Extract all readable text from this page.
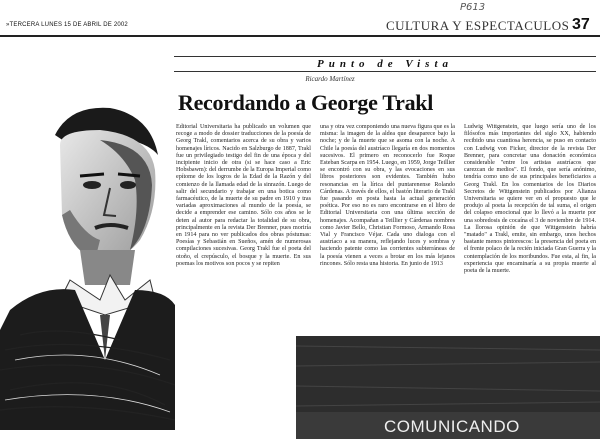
P613
»TERCERA LUNES 15 DE ABRIL DE 2002	CULTURA Y ESPECTACULOS 37
Punto de Vista
Ricardo Martínez
Recordando a George Trakl
Editorial Universitaria ha publicado un volumen que recoge a modo de dossier traducciones de la poesía de Georg Trakl, comentarios acerca de su obra y varios homenajes líricos. Nacido en Salzburgo de 1887, Trakl fue un privilegiado testigo del fin de una época y del incipiente inicio de otra (si se hace caso a Eric Hobsbawm): del derrumbe de la Europa Imperial como epítome de los logros de la Edad de la Razón y del comienzo de la llamada edad de la sinrazón. Luego de salir del secundario y trabajar en una botica como farmacéutico, de la muerte de su padre en 1910 y tras variadas aproximaciones al mundo de la poesía, se decide a emprender ese camino. Sólo cos años se le deten al autor para redactar la totalidad de su obra, principalmente en la revista Der Brenner, pues moriría en 1914 para no ver publicados dos obras póstumas: Poesías y Sebastián en Sueños, amén de numerosas compilaciones sucesivas. Georg Trakl fue el poeta del otoño, el crepúsculo, el bosque y la muerte. En sus poemas los motivos son pocos y se repiten
una y otra vez componiendo una nueva figura que es la misma: la imagen de la aldea que desaparece bajo la noche; y de la muerte que se asoma con la noche. A Chile la poesía del austríaco llegaría en dos momentos sucesivos. El primero en reconocerlo fue Roque Esteban Scarpa en 1954. Luego, en 1959, Jorge Teillier se encontró con su obra, y las evocaciones en sus libros posteriores son evidentes. También hubo resonancias en la lírica del puntarenense Rolando Cárdenas. A través de ellos, el bastón literario de Trakl fue pasando en posta hasta la actual generación poética. Por eso no es raro encontrarse en el libro de Editorial Universitaria con una última sección de homenajes. Acompañan a Teillier y Cárdenas nombres como Javier Bello, Christian Formoso, Armando Rosa Vial y Francisco Véjar. Cada uno dialoga con el austríaco a su manera, reflejando luces y sombras y haciendo patente como las corrientes subterráneas de la poesía vienen a veces a brotar en los más lejanos rincones. Sólo resta una historia. En junio de 1913
Ludwig Wittgenstein, que luego sería uno de los filósofos más importantes del siglo XX, habiendo recibido una cuantiosa herencia, se puso en contacto con Ludwig von Ficker, director de la revista Der Brenner, para concretar una donación económica considerable "entre los artistas austríacos que carezcan de medios". El fondo, que sería anónimo, tendría como uno de sus principales beneficiarios a Georg Trakl. En los comentarios de los Diarios Secretos de Wittgenstein publicados por Alianza Universitaria se quiere ver en el propuesto que le produjo al poeta la recepción de tal suma, el origen del colapso emocional que lo llevó a la muerte por una sobredosis de cocaína el 3 de noviembre de 1914. La llorosa opinión de que Wittgenstein habría "matado" a Trakl, emite, sin embargo, unos hechos bastante menos pintorescos: la presencia del poeta en el frente polaco de la recién iniciada Gran Guerra y la contemplación de los moribundos. Fue esta, al fin, la experiencia que encaminaría a su propia muerte al poeta de la muerte.
COMUNICANDO
